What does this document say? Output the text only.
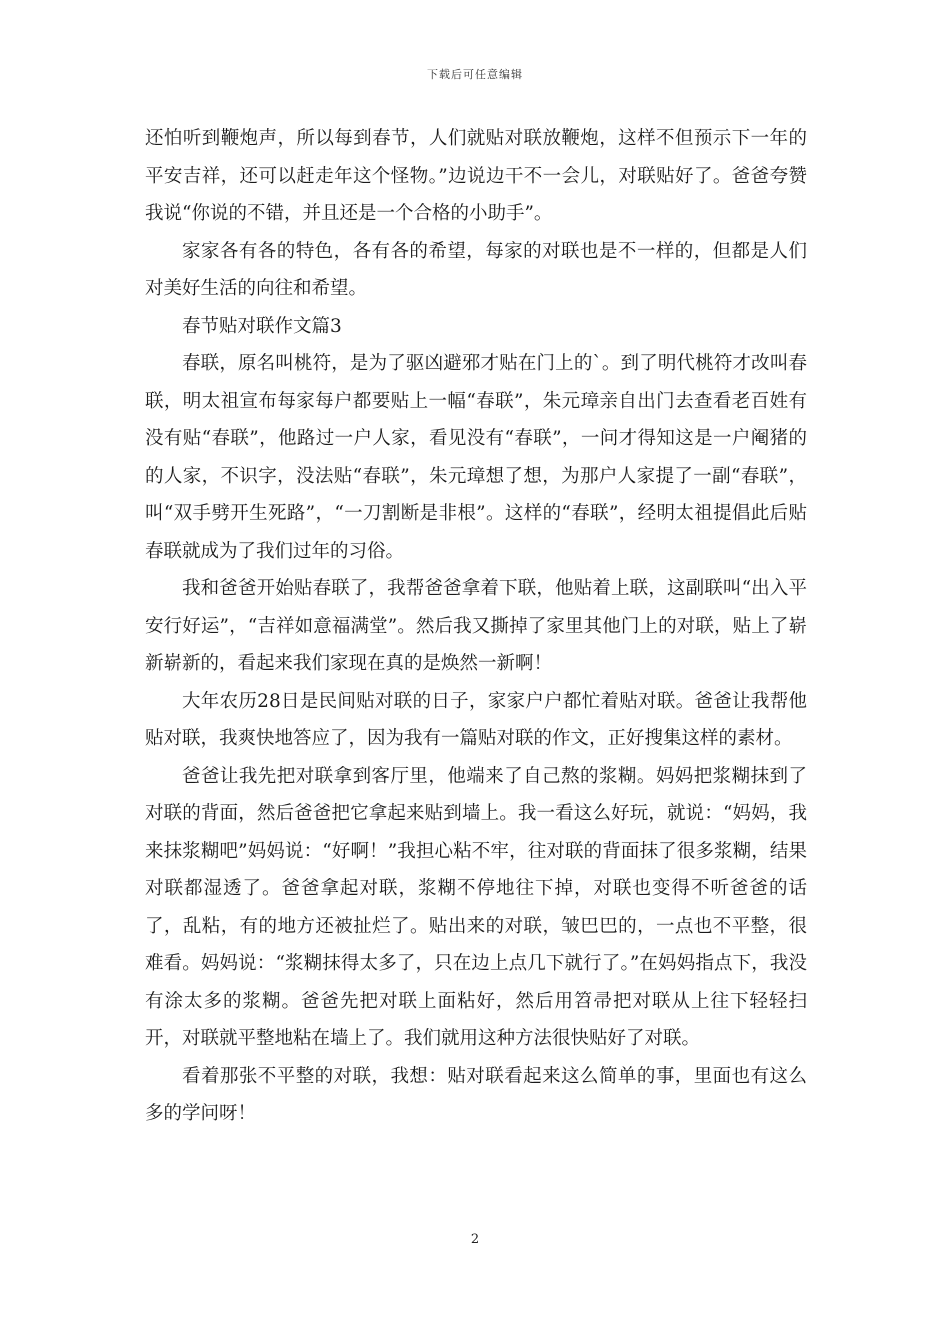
下载后可任意编辑

还怕听到鞭炮声，所以每到春节，人们就贴对联放鞭炮，这样不但预示下一年的平安吉祥，还可以赶走年这个怪物。”边说边干不一会儿，对联贴好了。爸爸夸赞我说“你说的不错，并且还是一个合格的小助手”。

家家各有各的特色，各有各的希望，每家的对联也是不一样的，但都是人们对美好生活的向往和希望。

春节贴对联作文篇3

春联，原名叫桃符，是为了驱凶避邪才贴在门上的`。到了明代桃符才改叫春联，明太祖宣布每家每户都要贴上一幅“春联”，朱元璋亲自出门去查看老百姓有没有贴“春联”，他路过一户人家，看见没有“春联”，一问才得知这是一户阉猪的的人家，不识字，没法贴“春联”，朱元璋想了想，为那户人家提了一副“春联”，叫“双手劈开生死路”，“一刀割断是非根”。这样的“春联”，经明太祖提倡此后贴春联就成为了我们过年的习俗。

我和爸爸开始贴春联了，我帮爸爸拿着下联，他贴着上联，这副联叫“出入平安行好运”，“吉祥如意福满堂”。然后我又撕掉了家里其他门上的对联，贴上了崭新崭新的，看起来我们家现在真的是焕然一新啊！

大年农历28日是民间贴对联的日子，家家户户都忙着贴对联。爸爸让我帮他贴对联，我爽快地答应了，因为我有一篇贴对联的作文，正好搜集这样的素材。

爸爸让我先把对联拿到客厅里，他端来了自己熬的浆糊。妈妈把浆糊抹到了对联的背面，然后爸爸把它拿起来贴到墙上。我一看这么好玩，就说：“妈妈，我来抹浆糊吧”妈妈说：“好啊！”我担心粘不牢，往对联的背面抹了很多浆糊，结果对联都湿透了。爸爸拿起对联，浆糊不停地往下掉，对联也变得不听爸爸的话了，乱粘，有的地方还被扯烂了。贴出来的对联，皱巴巴的，一点也不平整，很难看。妈妈说：“浆糊抹得太多了，只在边上点几下就行了。”在妈妈指点下，我没有涂太多的浆糊。爸爸先把对联上面粘好，然后用笤帚把对联从上往下轻轻扫开，对联就平整地粘在墙上了。我们就用这种方法很快贴好了对联。

看着那张不平整的对联，我想：贴对联看起来这么简单的事，里面也有这么多的学问呀！

2
